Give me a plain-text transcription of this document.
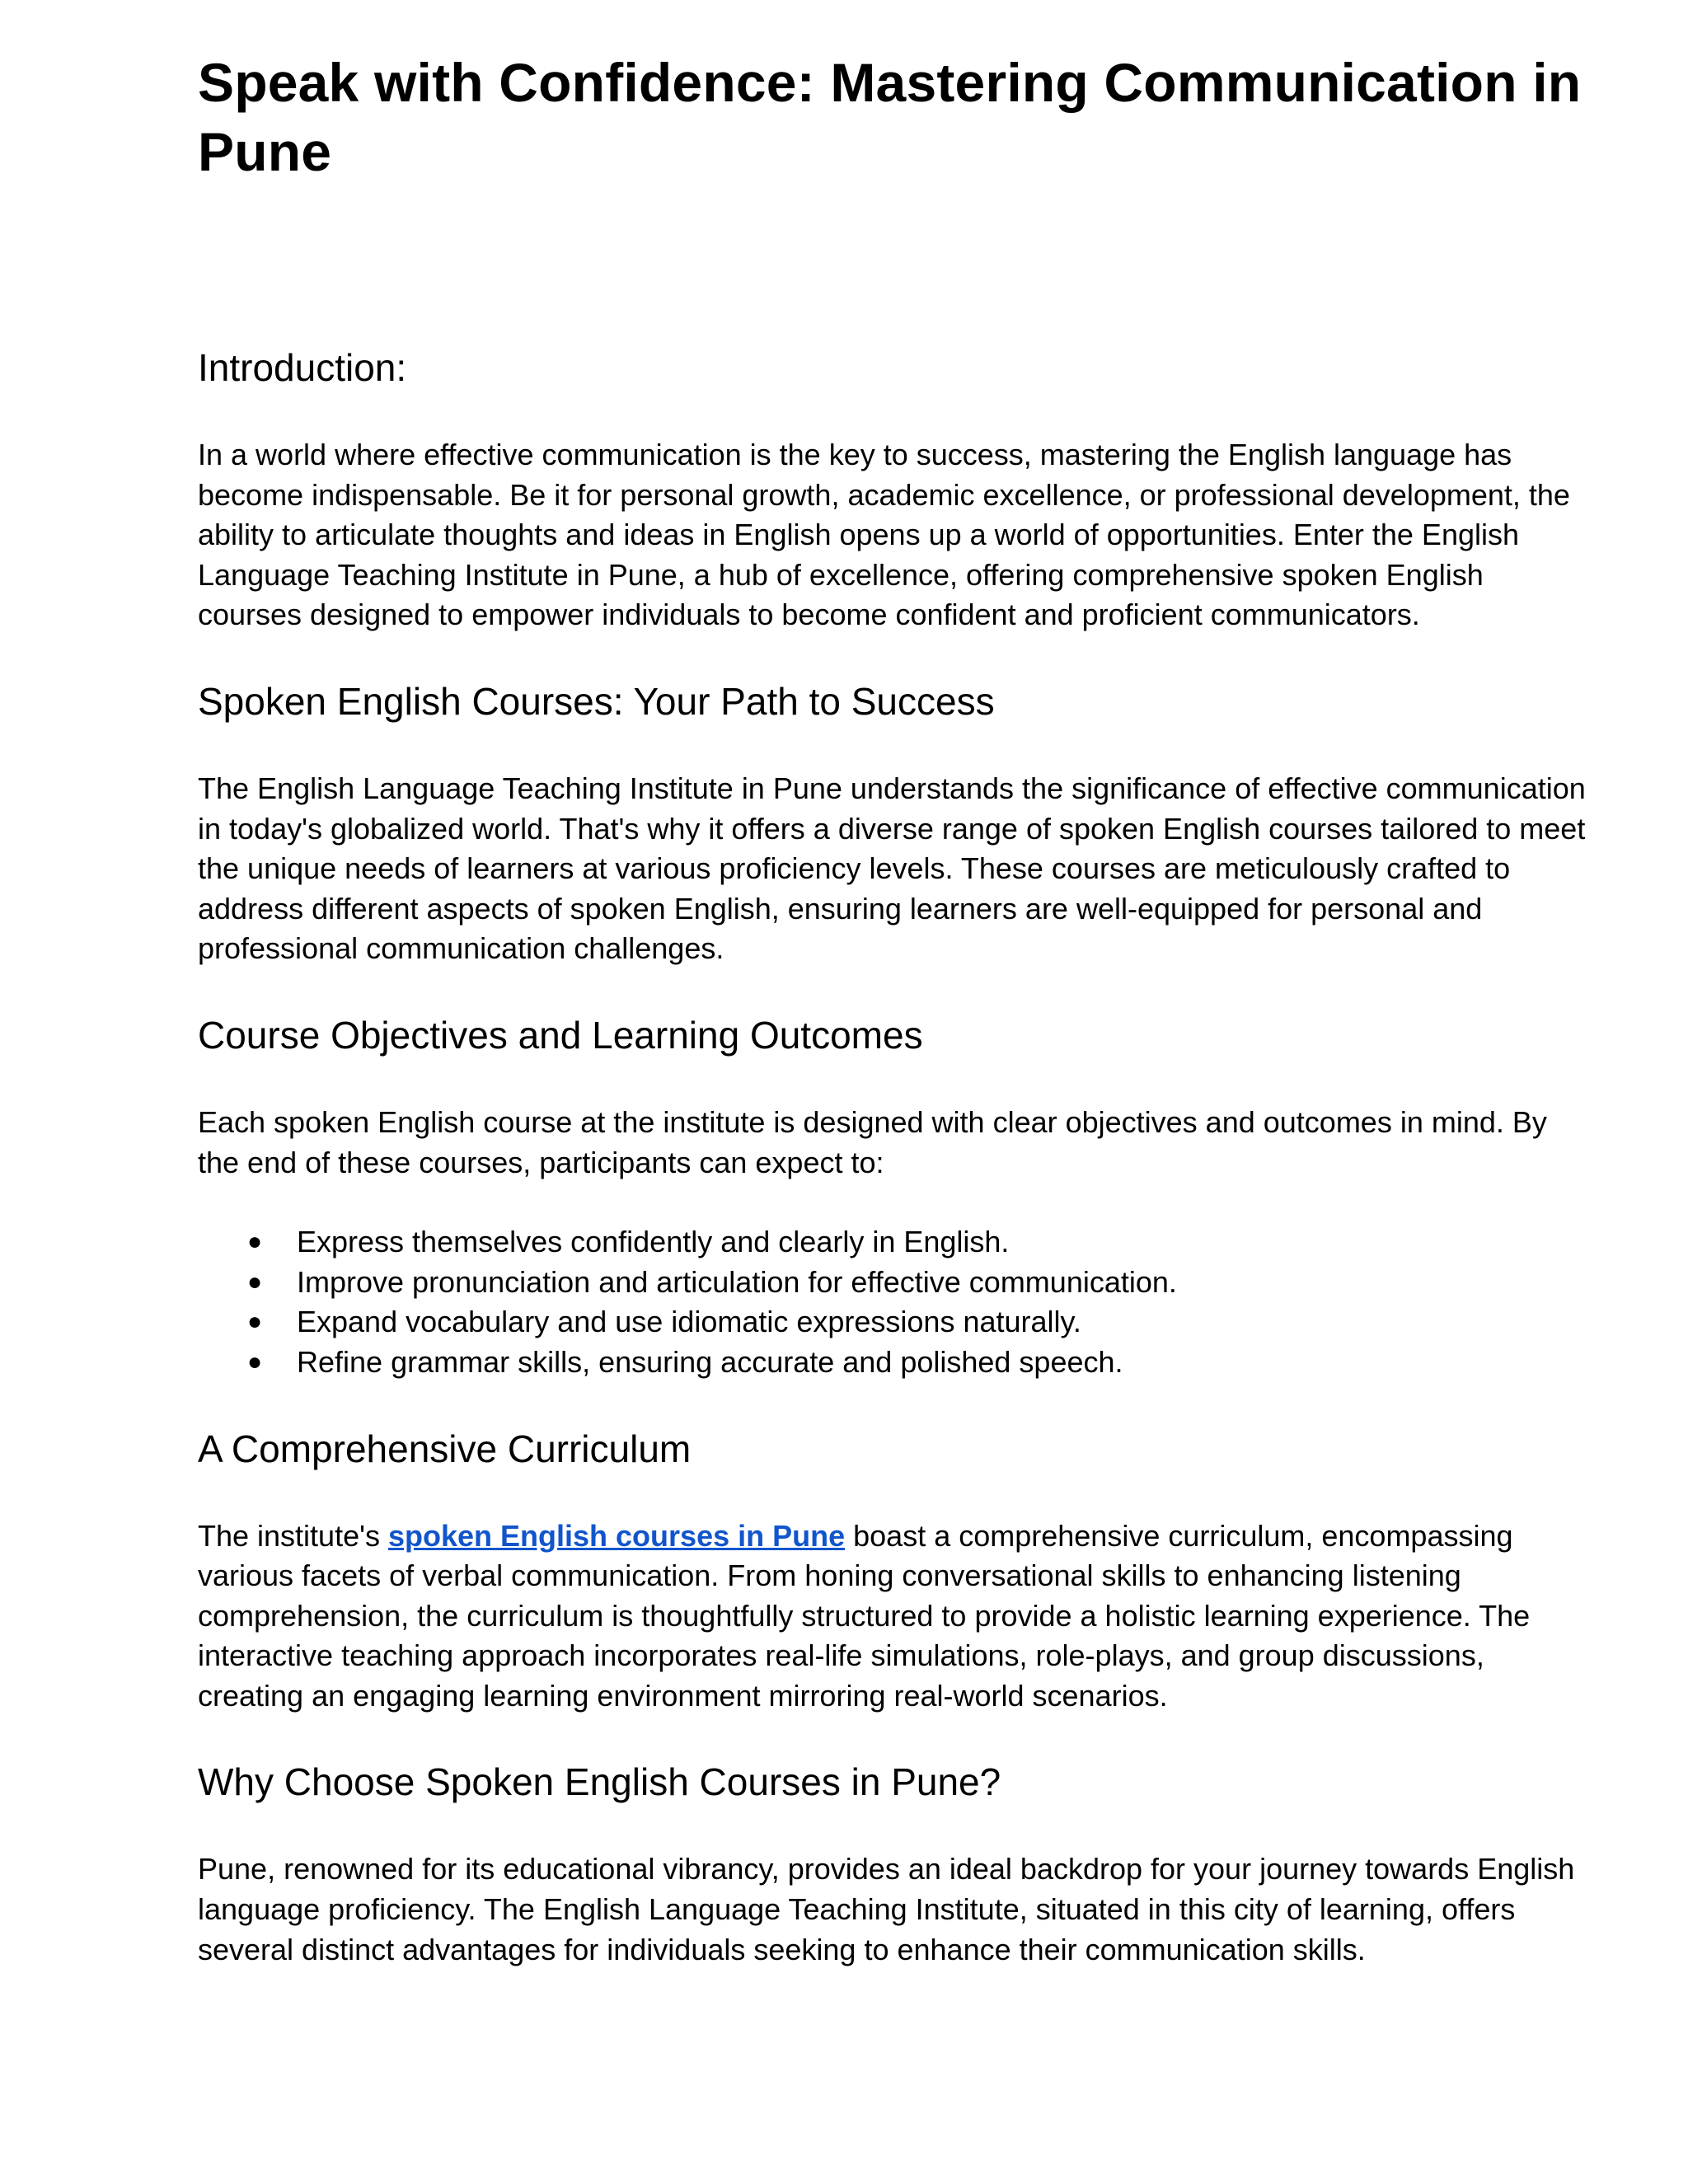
Speak with Confidence: Mastering Communication in Pune
Introduction:

In a world where effective communication is the key to success, mastering the English language has become indispensable. Be it for personal growth, academic excellence, or professional development, the ability to articulate thoughts and ideas in English opens up a world of opportunities. Enter the English Language Teaching Institute in Pune, a hub of excellence, offering comprehensive spoken English courses designed to empower individuals to become confident and proficient communicators.

Spoken English Courses: Your Path to Success

The English Language Teaching Institute in Pune understands the significance of effective communication in today's globalized world. That's why it offers a diverse range of spoken English courses tailored to meet the unique needs of learners at various proficiency levels. These courses are meticulously crafted to address different aspects of spoken English, ensuring learners are well-equipped for personal and professional communication challenges.

Course Objectives and Learning Outcomes

Each spoken English course at the institute is designed with clear objectives and outcomes in mind. By the end of these courses, participants can expect to:

● Express themselves confidently and clearly in English.
● Improve pronunciation and articulation for effective communication.
● Expand vocabulary and use idiomatic expressions naturally.
● Refine grammar skills, ensuring accurate and polished speech.
A Comprehensive Curriculum

The institute's spoken English courses in Pune boast a comprehensive curriculum, encompassing various facets of verbal communication. From honing conversational skills to enhancing listening comprehension, the curriculum is thoughtfully structured to provide a holistic learning experience. The interactive teaching approach incorporates real-life simulations, role-plays, and group discussions, creating an engaging learning environment mirroring real-world scenarios.

Why Choose Spoken English Courses in Pune?

Pune, renowned for its educational vibrancy, provides an ideal backdrop for your journey towards English language proficiency. The English Language Teaching Institute, situated in this city of learning, offers several distinct advantages for individuals seeking to enhance their communication skills.
